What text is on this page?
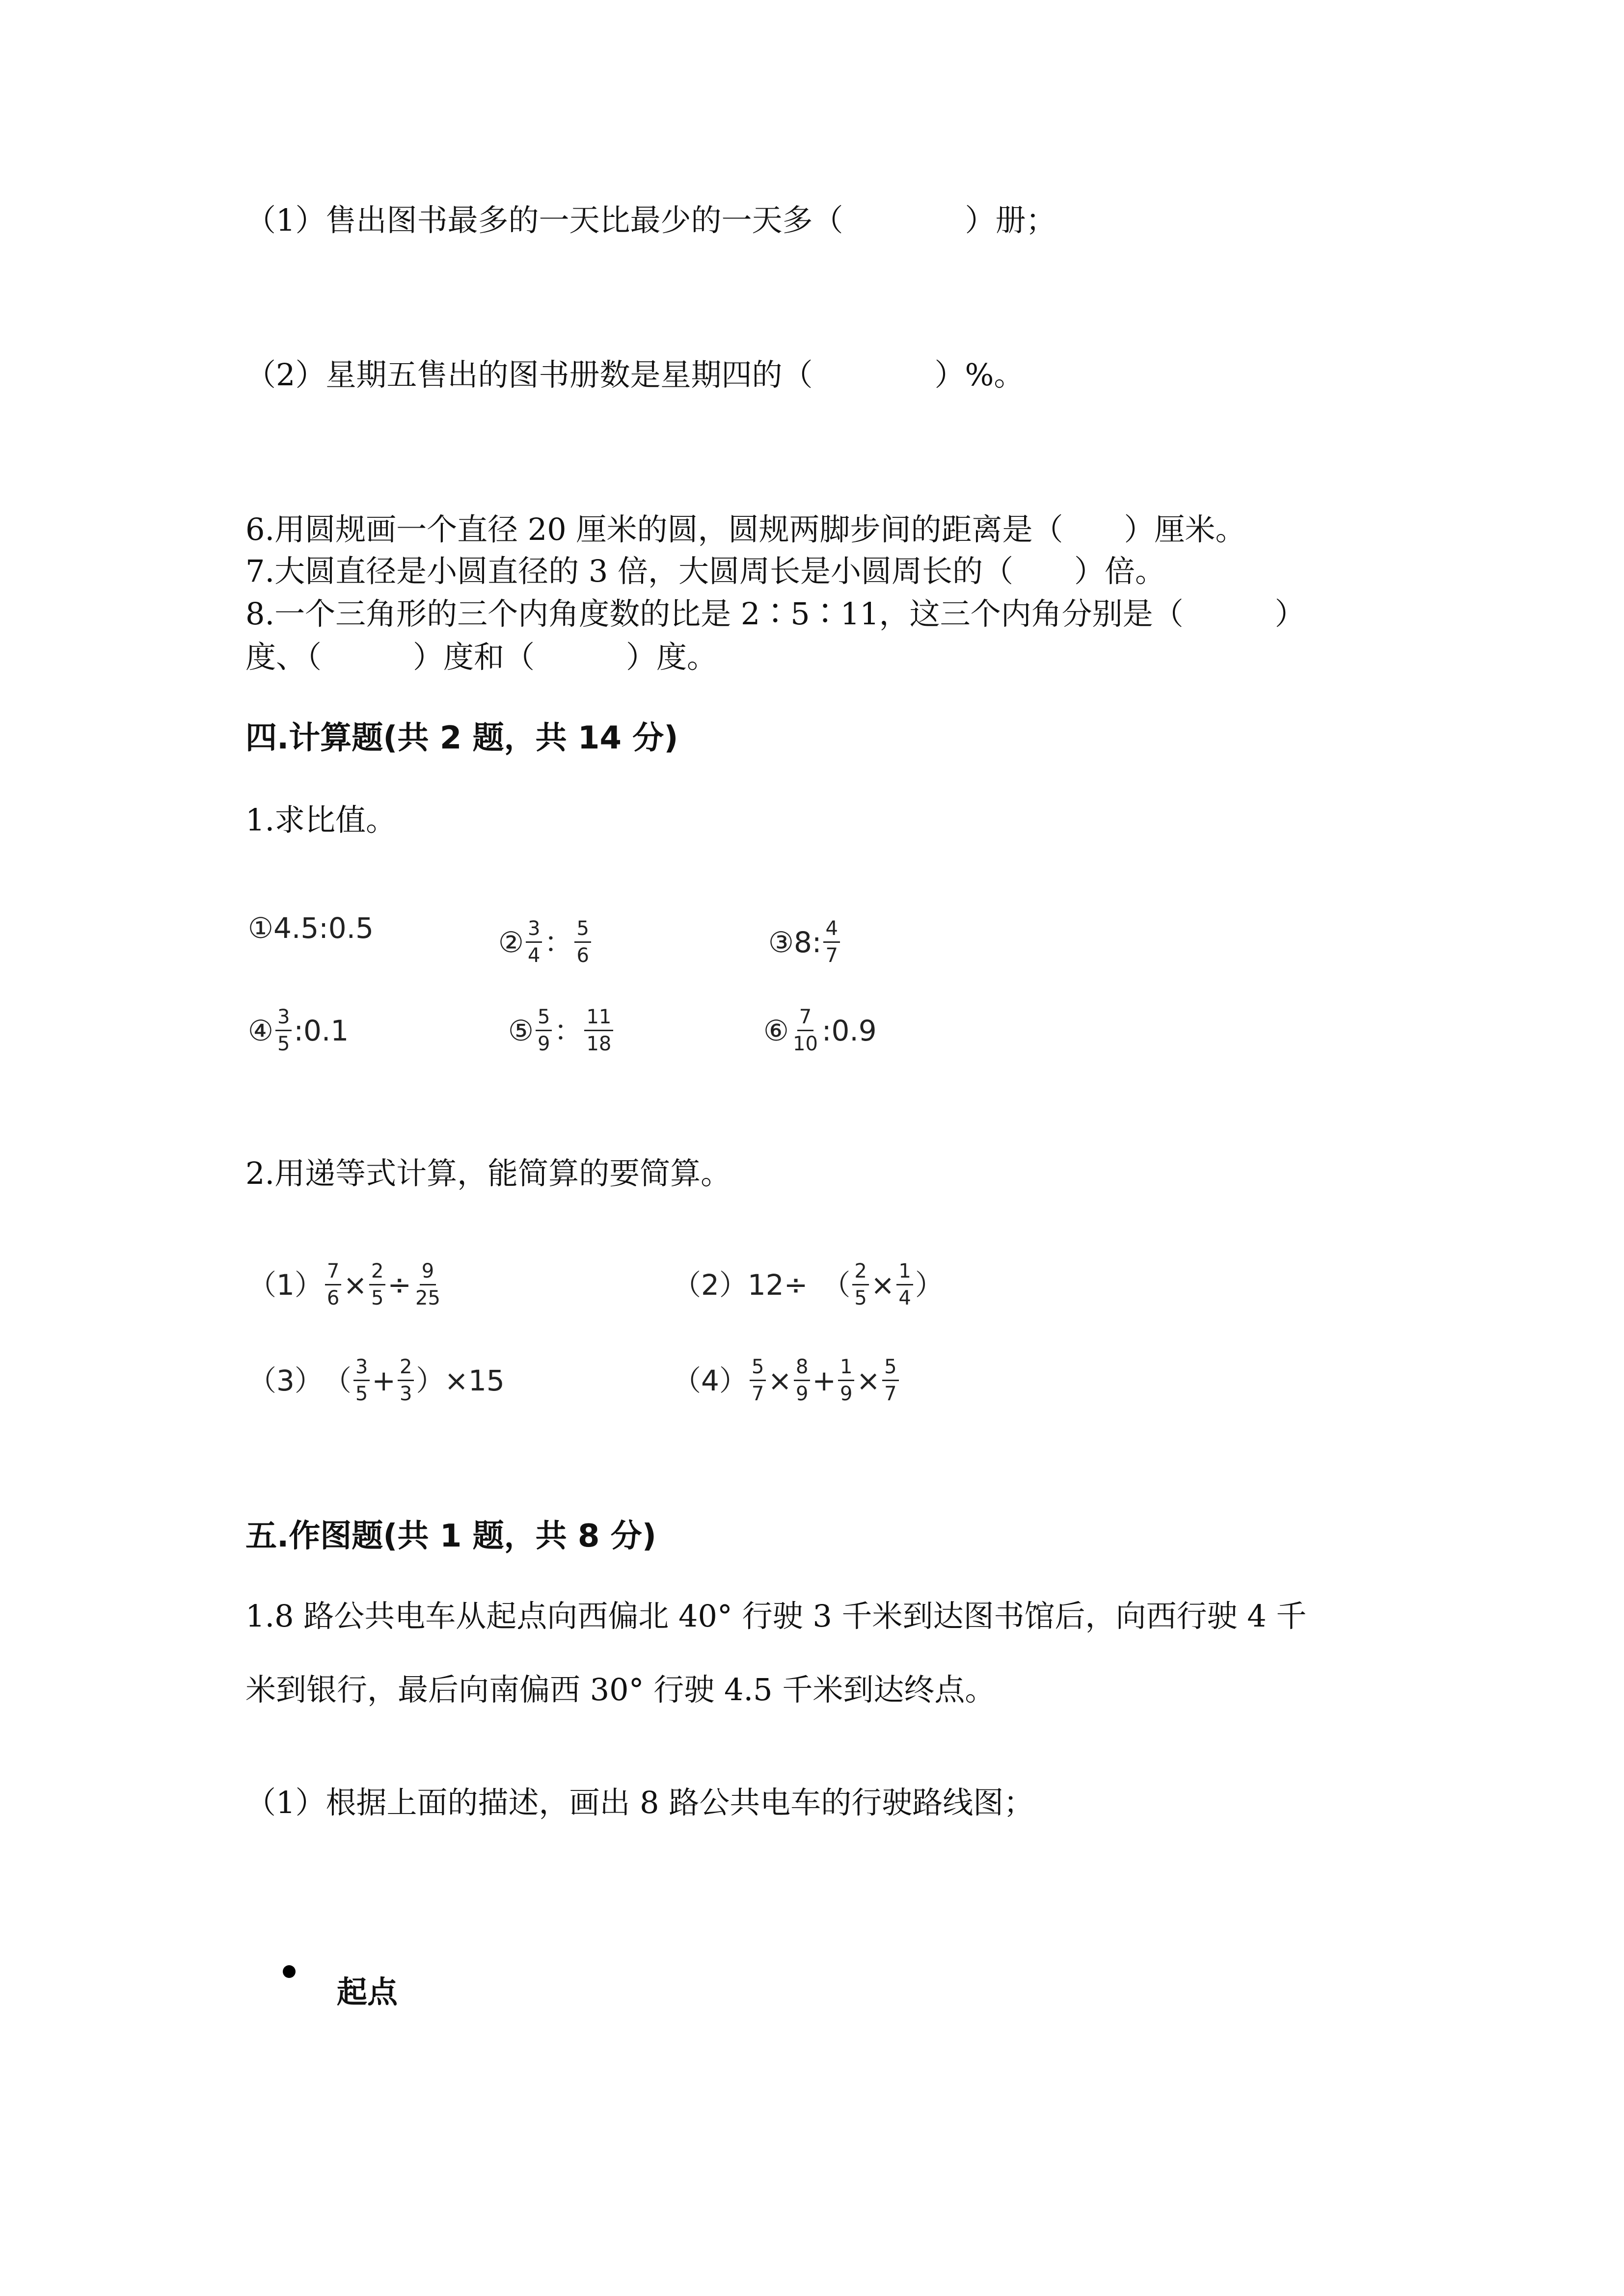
（1）售出图书最多的一天比最少的一天多（　　　　）册；
（2）星期五售出的图书册数是星期四的（　　　　）%。
6.用圆规画一个直径 20 厘米的圆，圆规两脚步间的距离是（　　）厘米。
7.大圆直径是小圆直径的 3 倍，大圆周长是小圆周长的（　　）倍。
8.一个三角形的三个内角度数的比是 2∶5∶11，这三个内角分别是（　　　）
度、（　　　）度和（　　　）度。
四.计算题(共 2 题，共 14 分)
1.求比值。
①4.5:0.5	② $\frac{3}{4}$ ： $\frac{5}{6}$	③8: $\frac{4}{7}$
④ $\frac{3}{5}$ :0.1	⑤ $\frac{5}{9}$ ： $\frac{11}{18}$	⑥ $\frac{7}{10}$ :0.9
2.用递等式计算，能简算的要简算。
$(1) \frac{7}{6} \times \frac{2}{5} \div \frac{9}{25}$	（2）12÷　（ $\frac{2}{5} \times \frac{1}{4}$ ）
（3）　（ $\frac{3}{5} + \frac{2}{3} )\times 15$	$(4) \frac{5}{7} \times \frac{8}{9} + \frac{1}{9} \times \frac{5}{7}$
五.作图题(共 1 题，共 8 分)
1.8 路公共电车从起点向西偏北 40° 行驶 3 千米到达图书馆后，向西行驶 4 千
米到银行，最后向南偏西 30° 行驶 4.5 千米到达终点。
（1）根据上面的描述，画出 8 路公共电车的行驶路线图；
起点
